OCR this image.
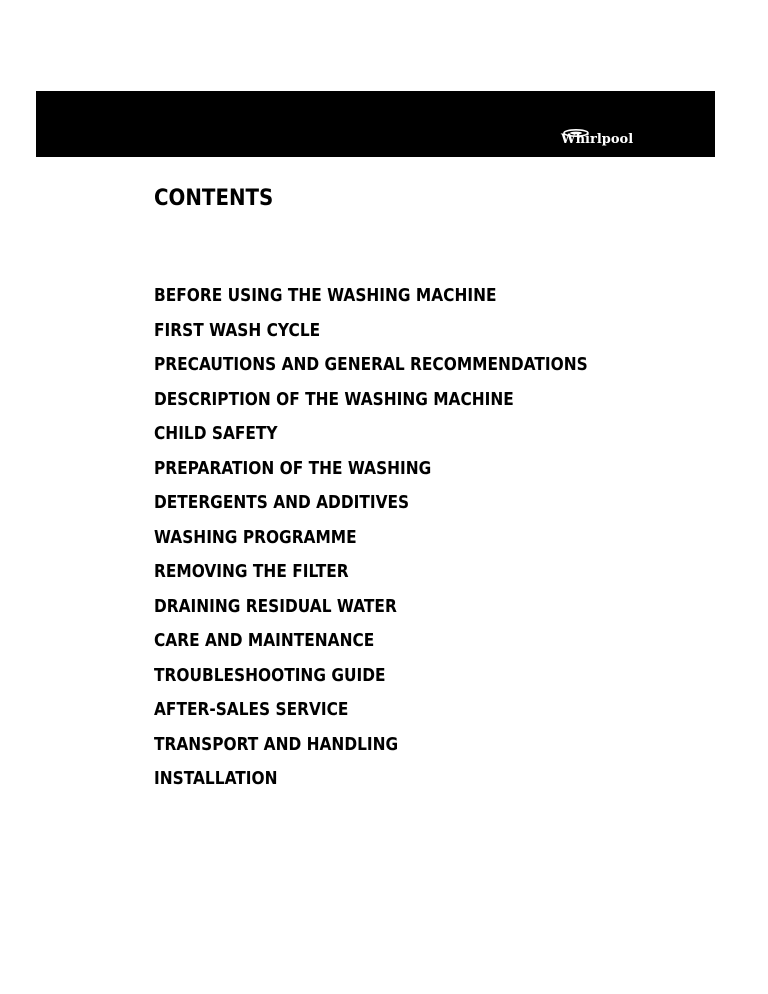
Whirlpool
CONTENTS
BEFORE USING THE WASHING MACHINE
FIRST WASH CYCLE
PRECAUTIONS AND GENERAL RECOMMENDATIONS
DESCRIPTION OF THE WASHING MACHINE
CHILD SAFETY
PREPARATION OF THE WASHING
DETERGENTS AND ADDITIVES
WASHING PROGRAMME
REMOVING THE FILTER
DRAINING RESIDUAL WATER
CARE AND MAINTENANCE
TROUBLESHOOTING GUIDE
AFTER-SALES SERVICE
TRANSPORT AND HANDLING
INSTALLATION
